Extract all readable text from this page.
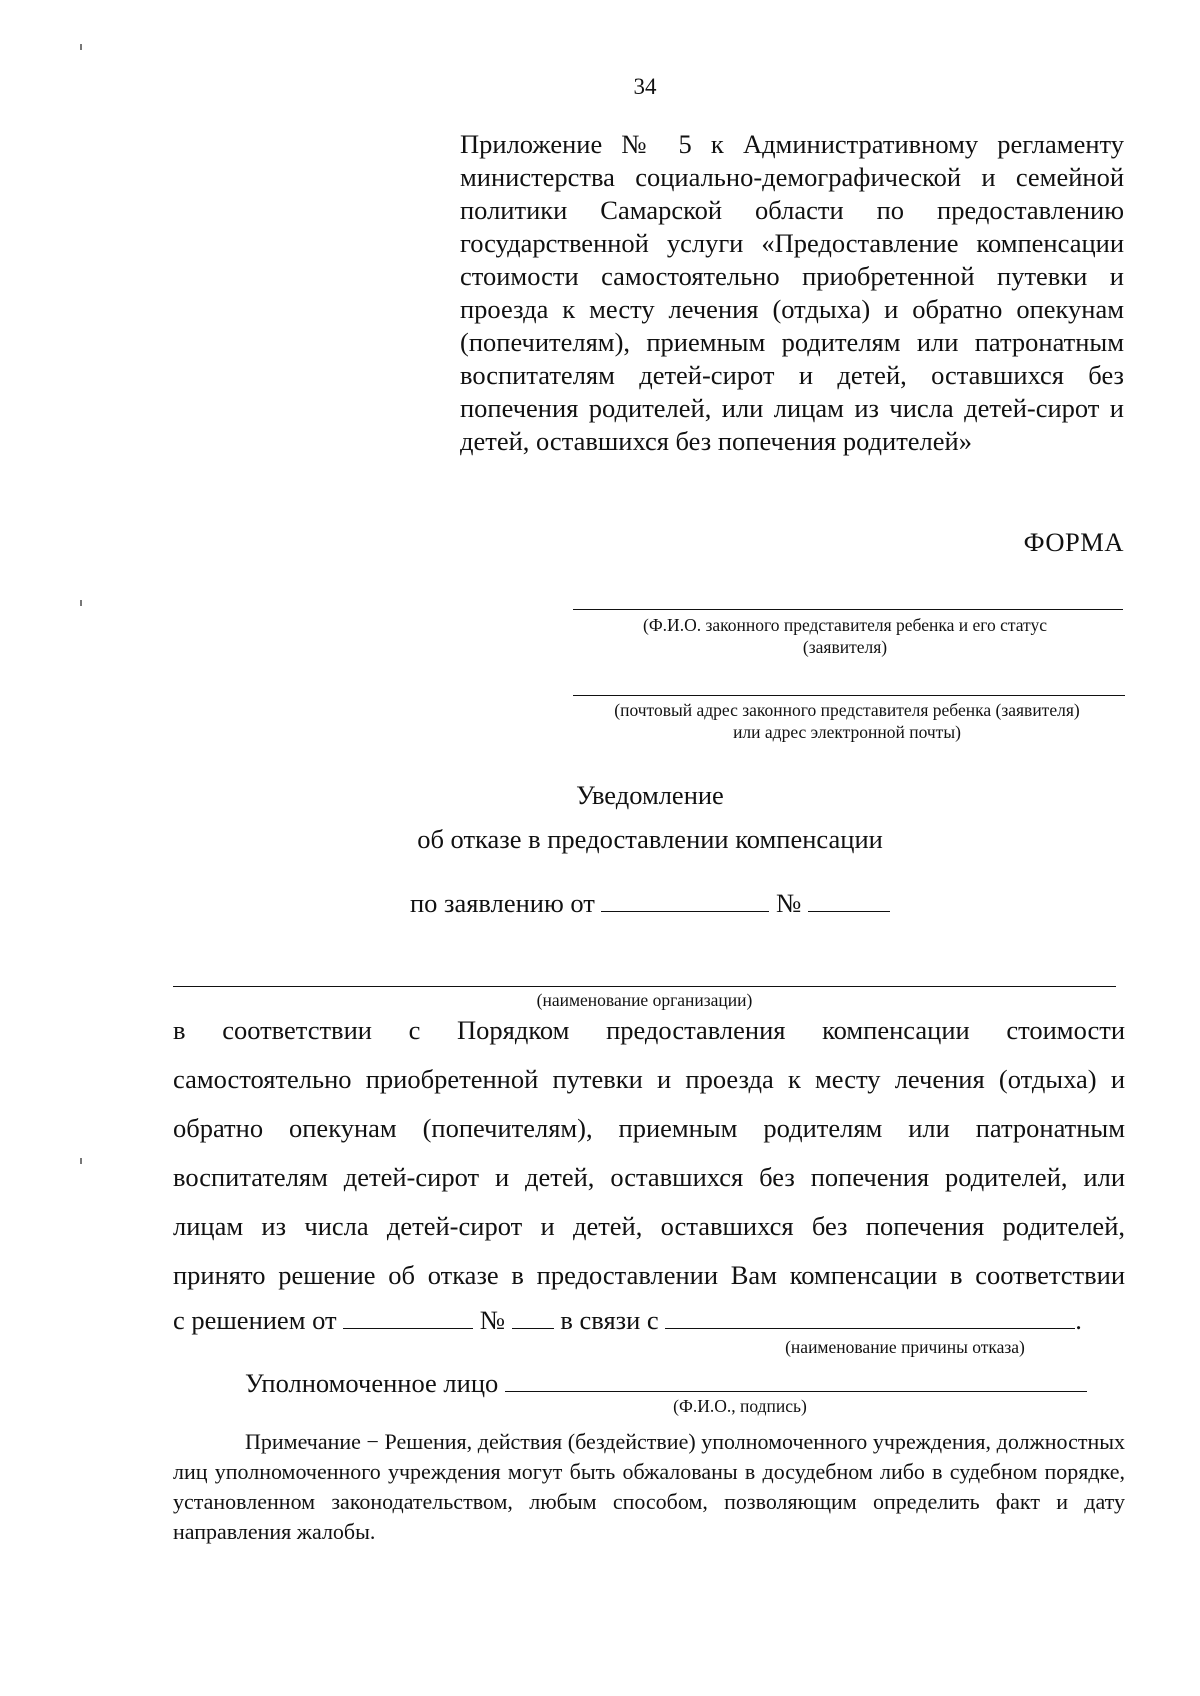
34
Приложение № 5 к Административному регламенту министерства социально-демографической и семейной политики Самарской области по предоставлению государственной услуги «Предоставление компенсации стоимости самостоятельно приобретенной путевки и проезда к месту лечения (отдыха) и обратно опекунам (попечителям), приемным родителям или патронатным воспитателям детей-сирот и детей, оставшихся без попечения родителей, или лицам из числа детей-сирот и детей, оставшихся без попечения родителей»
ФОРМА
(Ф.И.О. законного представителя ребенка и его статус
(заявителя)
(почтовый адрес законного представителя ребенка (заявителя)
или адрес электронной почты)
Уведомление
об отказе в предоставлении компенсации
по заявлению от	№
(наименование организации)

в соответствии с Порядком предоставления компенсации стоимости

самостоятельно приобретенной путевки и проезда к месту лечения (отдыха) и

обратно опекунам (попечителям), приемным родителям или патронатным

воспитателям детей-сирот и детей, оставшихся без попечения родителей, или

лицам из числа детей-сирот и детей, оставшихся без попечения родителей,

принято решение об отказе в предоставлении Вам компенсации в соответствии

с решением от	№ в связи с	.
(наименование причины отказа)
Уполномоченное лицо
(Ф.И.О., подпись)
Примечание − Решения, действия (бездействие) уполномоченного учреждения, должностных лиц уполномоченного учреждения могут быть обжалованы в досудебном либо в судебном порядке, установленном законодательством, любым способом, позволяющим определить факт и дату направления жалобы.
